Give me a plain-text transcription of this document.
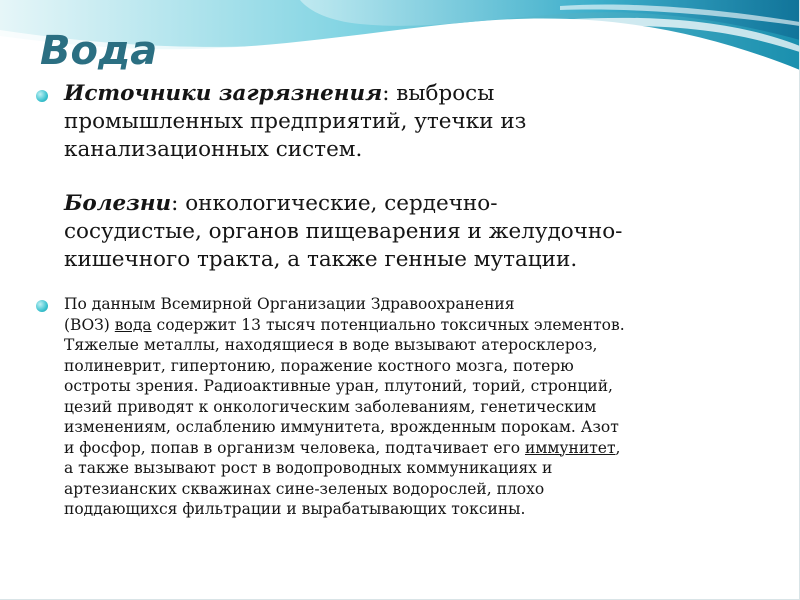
Вода

Источники загрязнения: выбросы
промышленных предприятий, утечки из
канализационных систем.

Болезни: онкологические, сердечно-
сосудистые, органов пищеварения и желудочно-
кишечного тракта, а также генные мутации.

По данным Всемирной Организации Здравоохранения
(ВОЗ) вода содержит 13 тысяч потенциально токсичных элементов.
Тяжелые металлы, находящиеся в воде вызывают атеросклероз,
полиневрит, гипертонию, поражение костного мозга, потерю
остроты зрения. Радиоактивные уран, плутоний, торий, стронций,
цезий приводят к онкологическим заболеваниям, генетическим
изменениям, ослаблению иммунитета, врожденным порокам. Азот
и фосфор, попав в организм человека, подтачивает его иммунитет,
а также вызывают рост в водопроводных коммуникациях и
артезианских скважинах сине-зеленых водорослей, плохо
поддающихся фильтрации и вырабатывающих токсины.
